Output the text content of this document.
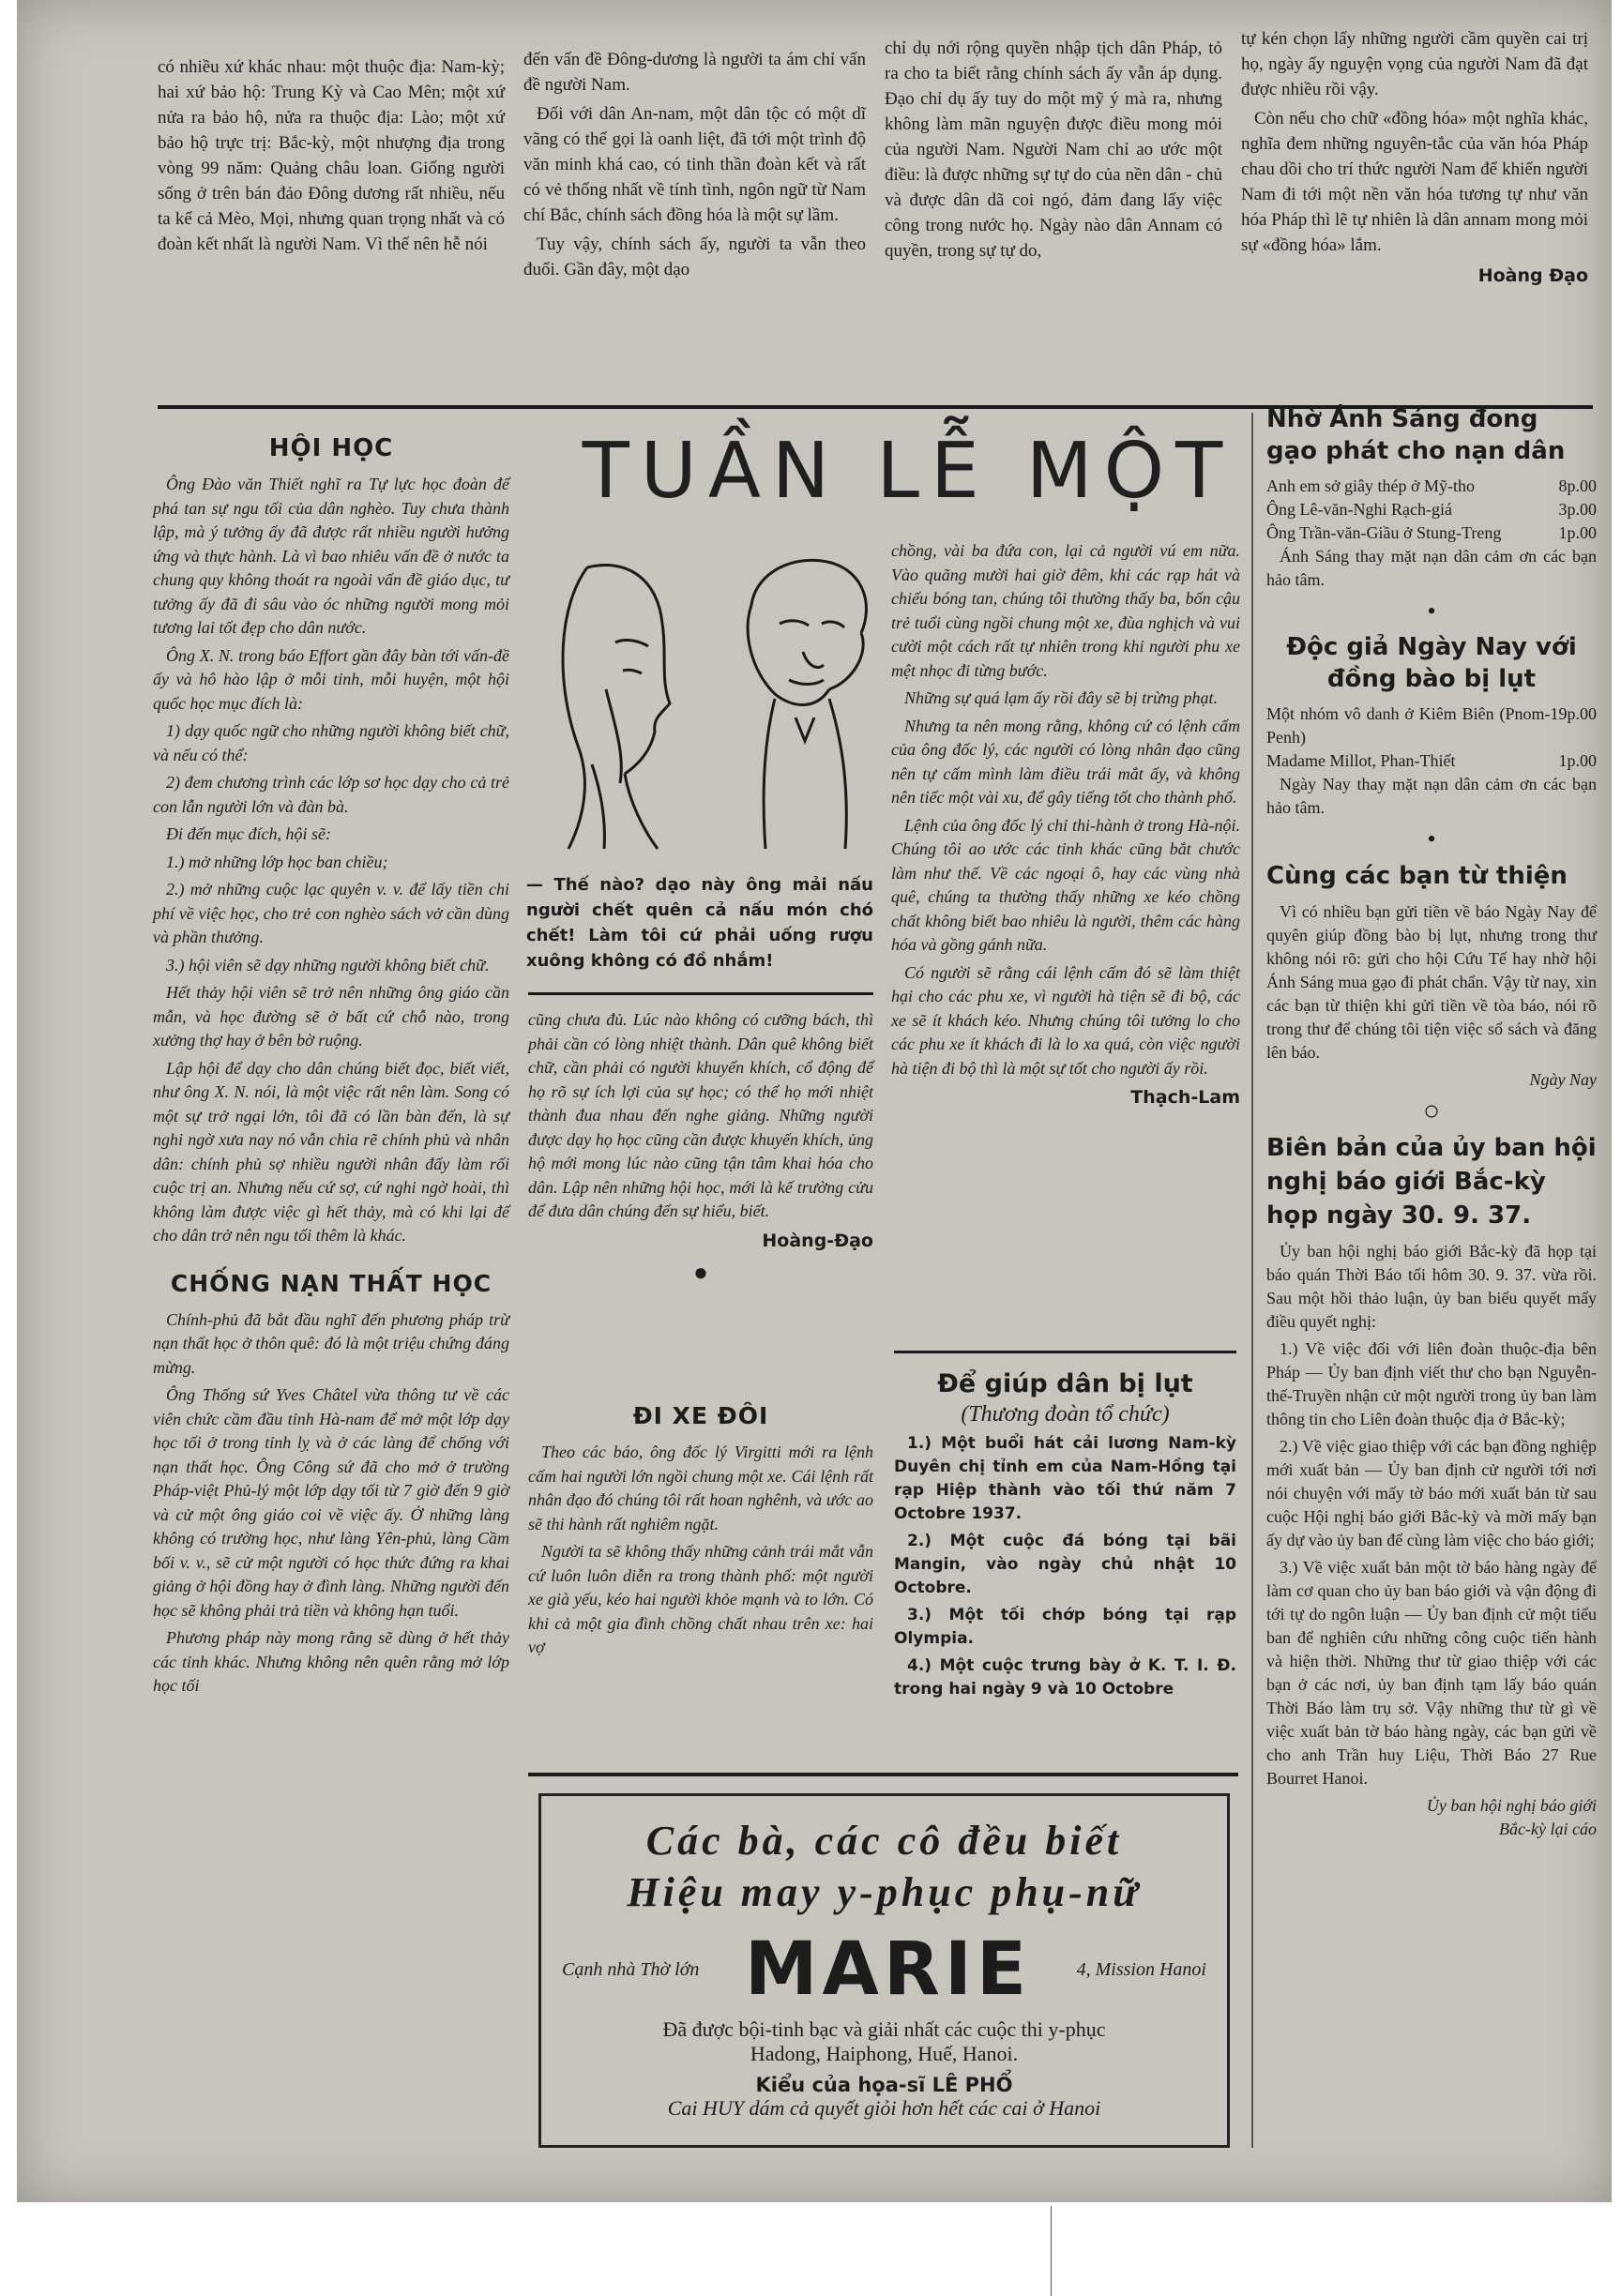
có nhiều xứ khác nhau: một thuộc địa: Nam-kỳ; hai xứ bảo hộ: Trung Kỳ và Cao Mên; một xứ nửa ra bảo hộ, nửa ra thuộc địa: Lào; một xứ bảo hộ trực trị: Bắc-kỳ, một nhượng địa trong vòng 99 năm: Quảng châu loan. Giống người sống ở trên bán đảo Đông dương rất nhiều, nếu ta kể cả Mèo, Mọi, nhưng quan trọng nhất và có đoàn kết nhất là người Nam. Vì thế nên hễ nói

đến vấn đề Đông-dương là người ta ám chỉ vấn đề người Nam.

Đối với dân An-nam, một dân tộc có một dĩ vãng có thể gọi là oanh liệt, đã tới một trình độ văn minh khá cao, có tinh thần đoàn kết và rất có vẻ thống nhất về tính tình, ngôn ngữ từ Nam chí Bắc, chính sách đồng hóa là một sự lầm.

Tuy vậy, chính sách ấy, người ta vẫn theo đuổi. Gần đây, một dạo

chỉ dụ nới rộng quyền nhập tịch dân Pháp, tỏ ra cho ta biết rằng chính sách ấy vẫn áp dụng. Đạo chỉ dụ ấy tuy do một mỹ ý mà ra, nhưng không làm mãn nguyện được điều mong mỏi của người Nam. Người Nam chỉ ao ước một điều: là được những sự tự do của nền dân - chủ và được dân dã coi ngó, đảm đang lấy việc công trong nước họ. Ngày nào dân Annam có quyền, trong sự tự do,

tự kén chọn lấy những người cầm quyền cai trị họ, ngày ấy nguyện vọng của người Nam đã đạt được nhiều rồi vậy.

Còn nếu cho chữ «đồng hóa» một nghĩa khác, nghĩa đem những nguyên-tắc của văn hóa Pháp chau dồi cho trí thức người Nam để khiến người Nam đi tới một nền văn hóa tương tự như văn hóa Pháp thì lẽ tự nhiên là dân annam mong mỏi sự «đồng hóa» lắm.

Hoàng Đạo
HỘI HỌC

Ông Đào văn Thiết nghĩ ra Tự lực học đoàn để phá tan sự ngu tối của dân nghèo. Tuy chưa thành lập, mà ý tưởng ấy đã được rất nhiều người hưởng ứng và thực hành. Là vì bao nhiêu vấn đề ở nước ta chung quy không thoát ra ngoài vấn đề giáo dục, tư tưởng ấy đã đi sâu vào óc những người mong mỏi tương lai tốt đẹp cho dân nước.

Ông X. N. trong báo Effort gần đây bàn tới vấn-đề ấy và hô hào lập ở mỗi tỉnh, mỗi huyện, một hội quốc học mục đích là:

1) dạy quốc ngữ cho những người không biết chữ, và nếu có thể:

2) đem chương trình các lớp sơ học dạy cho cả trẻ con lẫn người lớn và đàn bà.

Đi đến mục đích, hội sẽ:

1.) mở những lớp học ban chiều;

2.) mở những cuộc lạc quyên v. v. để lấy tiền chi phí về việc học, cho trẻ con nghèo sách vở cần dùng và phần thưởng.

3.) hội viên sẽ dạy những người không biết chữ.

Hết thảy hội viên sẽ trở nên những ông giáo cần mẫn, và học đường sẽ ở bất cứ chỗ nào, trong xưởng thợ hay ở bên bờ ruộng.

Lập hội để dạy cho dân chúng biết đọc, biết viết, như ông X. N. nói, là một việc rất nên làm. Song có một sự trở ngại lớn, tôi đã có lần bàn đến, là sự nghi ngờ xưa nay nó vẫn chia rẽ chính phủ và nhân dân: chính phủ sợ nhiều người nhân đấy làm rối cuộc trị an. Nhưng nếu cứ sợ, cứ nghi ngờ hoài, thì không làm được việc gì hết thảy, mà có khi lại để cho dân trở nên ngu tối thêm là khác.

CHỐNG NẠN THẤT HỌC

Chính-phủ đã bắt đầu nghĩ đến phương pháp trừ nạn thất học ở thôn quê: đó là một triệu chứng đáng mừng.

Ông Thống sứ Yves Châtel vừa thông tư về các viên chức cầm đầu tỉnh Hà-nam để mở một lớp dạy học tối ở trong tỉnh lỵ và ở các làng để chống với nạn thất học. Ông Công sứ đã cho mở ở trường Pháp-việt Phủ-lý một lớp dạy tối từ 7 giờ đến 9 giờ và cử một ông giáo coi về việc ấy. Ở những làng không có trường học, như làng Yên-phủ, làng Cầm bối v. v., sẽ cử một người có học thức đứng ra khai giảng ở hội đồng hay ở đình làng. Những người đến học sẽ không phải trả tiền và không hạn tuổi.

Phương pháp này mong rằng sẽ dùng ở hết thảy các tỉnh khác. Nhưng không nên quên rằng mở lớp học tối

TUẦN LỄ MỘT

— Thế nào? dạo này ông mải nấu người chết quên cả nấu món chó chết! Làm tôi cứ phải uống rượu xuông không có đồ nhắm!

cũng chưa đủ. Lúc nào không có cưỡng bách, thì phải cần có lòng nhiệt thành. Dân quê không biết chữ, cần phải có người khuyến khích, cổ động để họ rõ sự ích lợi của sự học; có thể họ mới nhiệt thành đua nhau đến nghe giảng. Những người được dạy họ học cũng cần được khuyến khích, ủng hộ mới mong lúc nào cũng tận tâm khai hóa cho dân. Lập nên những hội học, mới là kế trường cửu để đưa dân chúng đến sự hiểu, biết.

Hoàng-Đạo
●
ĐI XE ĐÔI

Theo các báo, ông đốc lý Virgitti mới ra lệnh cấm hai người lớn ngồi chung một xe. Cái lệnh rất nhân đạo đó chúng tôi rất hoan nghênh, và ước ao sẽ thi hành rất nghiêm ngặt.

Người ta sẽ không thấy những cảnh trái mắt vẫn cứ luôn luôn diễn ra trong thành phố: một người xe già yếu, kéo hai người khỏe mạnh và to lớn. Có khi cả một gia đình chồng chất nhau trên xe: hai vợ

chồng, vài ba đứa con, lại cả người vú em nữa. Vào quãng mười hai giờ đêm, khi các rạp hát và chiếu bóng tan, chúng tôi thường thấy ba, bốn cậu trẻ tuổi cùng ngồi chung một xe, đùa nghịch và vui cười một cách rất tự nhiên trong khi người phu xe mệt nhọc đi từng bước.

Những sự quá lạm ấy rồi đây sẽ bị trừng phạt.

Nhưng ta nên mong rằng, không cứ có lệnh cấm của ông đốc lý, các người có lòng nhân đạo cũng nên tự cấm mình làm điều trái mắt ấy, và không nên tiếc một vài xu, để gây tiếng tốt cho thành phố.

Lệnh của ông đốc lý chỉ thi-hành ở trong Hà-nội. Chúng tôi ao ước các tỉnh khác cũng bắt chước làm như thế. Về các ngoại ô, hay các vùng nhà quê, chúng ta thường thấy những xe kéo chồng chất không biết bao nhiêu là người, thêm các hàng hóa và gồng gánh nữa.

Có người sẽ rằng cái lệnh cấm đó sẽ làm thiệt hại cho các phu xe, vì người hà tiện sẽ đi bộ, các xe sẽ ít khách kéo. Nhưng chúng tôi tưởng lo cho các phu xe ít khách đi là lo xa quá, còn việc người hà tiện đi bộ thì là một sự tốt cho người ấy rồi.

Thạch-Lam
Để giúp dân bị lụt
(Thương đoàn tổ chức)

1.) Một buổi hát cải lương Nam-kỳ Duyên chị tỉnh em của Nam-Hồng tại rạp Hiệp thành vào tối thứ năm 7 Octobre 1937.

2.) Một cuộc đá bóng tại bãi Mangin, vào ngày chủ nhật 10 Octobre.

3.) Một tối chớp bóng tại rạp Olympia.

4.) Một cuộc trưng bày ở K. T. I. Đ. trong hai ngày 9 và 10 Octobre

Các bà, các cô đều biết
Hiệu may y-phục phụ-nữ
Cạnh nhà Thờ lớn MARIE 4, Mission Hanoi
Đã được bội-tinh bạc và giải nhất các cuộc thi y-phục
Hadong, Haiphong, Huế, Hanoi.
Kiểu của họa-sĩ LÊ PHỔ
Cai HUY dám cả quyết giỏi hơn hết các cai ở Hanoi
Nhờ Ánh Sáng đong gạo phát cho nạn dân
Anh em sở giây thép ở Mỹ-tho	8p.00
Ông Lê-văn-Nghi Rạch-giá	3p.00
Ông Trần-văn-Giầu ở Stung-Treng	1p.00

Ánh Sáng thay mặt nạn dân cảm ơn các bạn hảo tâm.

•
Độc giả Ngày Nay với đồng bào bị lụt
Một nhóm vô danh ở Kiêm Biên (Pnom-Penh)
19p.00
Madame Millot, Phan-Thiết	1p.00

Ngày Nay thay mặt nạn dân cảm ơn các bạn hảo tâm.

•
Cùng các bạn từ thiện

Vì có nhiều bạn gửi tiền về báo Ngày Nay để quyên giúp đồng bào bị lụt, nhưng trong thư không nói rõ: gửi cho hội Cứu Tế hay nhờ hội Ánh Sáng mua gạo đi phát chẩn. Vậy từ nay, xin các bạn từ thiện khi gửi tiền về tòa báo, nói rõ trong thư để chúng tôi tiện việc sổ sách và đăng lên báo.

Ngày Nay
○
Biên bản của ủy ban hội nghị báo giới Bắc-kỳ họp ngày 30. 9. 37.

Ủy ban hội nghị báo giới Bắc-kỳ đã họp tại báo quán Thời Báo tối hôm 30. 9. 37. vừa rồi. Sau một hồi thảo luận, ủy ban biểu quyết mấy điều quyết nghị:

1.) Về việc đối với liên đoàn thuộc-địa bên Pháp — Ủy ban định viết thư cho bạn Nguyễn-thế-Truyền nhận cử một người trong ủy ban làm thông tin cho Liên đoàn thuộc địa ở Bắc-kỳ;

2.) Về việc giao thiệp với các bạn đồng nghiệp mới xuất bản — Ủy ban định cử người tới nơi nói chuyện với mấy tờ báo mới xuất bản từ sau cuộc Hội nghị báo giới Bắc-kỳ và mời mấy bạn ấy dự vào ủy ban để cùng làm việc cho báo giới;

3.) Về việc xuất bản một tờ báo hàng ngày để làm cơ quan cho ủy ban báo giới và vận động đi tới tự do ngôn luận — Ủy ban định cử một tiểu ban để nghiên cứu những công cuộc tiến hành và hiện thời. Những thư từ giao thiệp với các bạn ở các nơi, ủy ban định tạm lấy báo quán Thời Báo làm trụ sở. Vậy những thư từ gì về việc xuất bản tờ báo hàng ngày, các bạn gửi về cho anh Trần huy Liệu, Thời Báo 27 Rue Bourret Hanoi.

Ủy ban hội nghị báo giới
Bắc-kỳ lại cáo
